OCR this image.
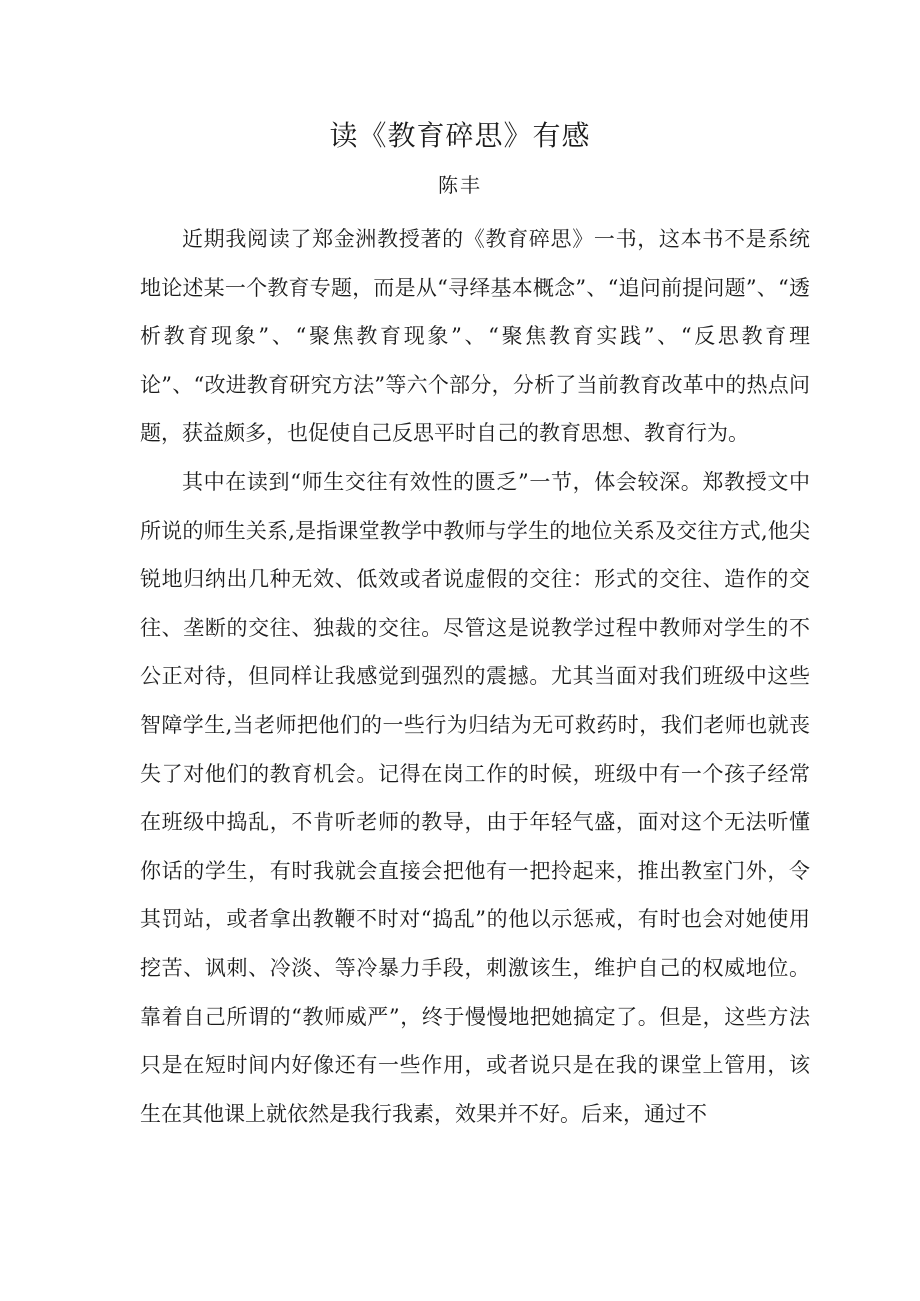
读《教育碎思》有感
陈丰

近期我阅读了郑金洲教授著的《教育碎思》一书，这本书不是系统地论述某一个教育专题，而是从“寻绎基本概念”、“追问前提问题”、“透析教育现象”、“聚焦教育现象”、“聚焦教育实践”、“反思教育理论”、“改进教育研究方法”等六个部分，分析了当前教育改革中的热点问题，获益颇多，也促使自己反思平时自己的教育思想、教育行为。

其中在读到“师生交往有效性的匮乏”一节，体会较深。郑教授文中所说的师生关系,是指课堂教学中教师与学生的地位关系及交往方式,他尖锐地归纳出几种无效、低效或者说虚假的交往：形式的交往、造作的交往、垄断的交往、独裁的交往。尽管这是说教学过程中教师对学生的不公正对待，但同样让我感觉到强烈的震撼。尤其当面对我们班级中这些智障学生,当老师把他们的一些行为归结为无可救药时，我们老师也就丧失了对他们的教育机会。记得在岗工作的时候，班级中有一个孩子经常在班级中捣乱，不肯听老师的教导，由于年轻气盛，面对这个无法听懂你话的学生，有时我就会直接会把他有一把拎起来，推出教室门外，令其罚站，或者拿出教鞭不时对“捣乱”的他以示惩戒，有时也会对她使用挖苦、讽刺、冷淡、等冷暴力手段，刺激该生，维护自己的权威地位。靠着自己所谓的“教师威严”，终于慢慢地把她搞定了。但是，这些方法只是在短时间内好像还有一些作用，或者说只是在我的课堂上管用，该生在其他课上就依然是我行我素，效果并不好。后来，通过不
